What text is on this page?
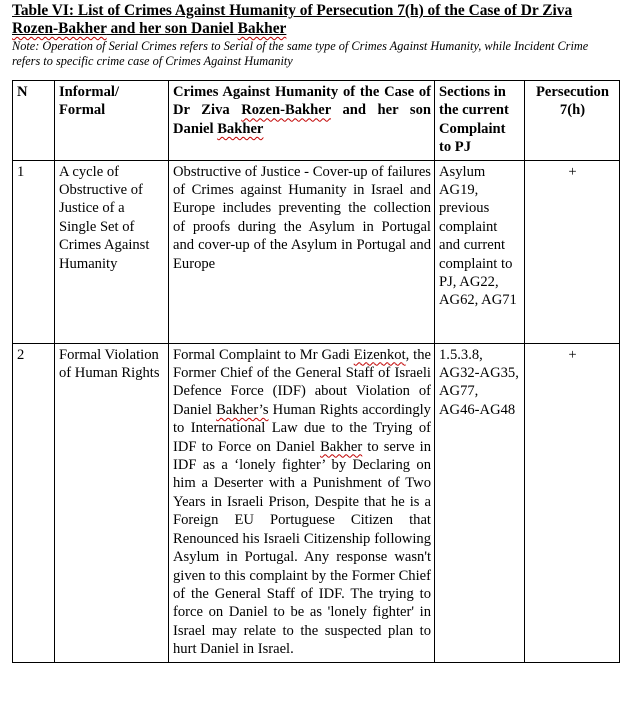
Table VI: List of Crimes Against Humanity of Persecution 7(h) of the Case of Dr Ziva Rozen-Bakher and her son Daniel Bakher

Note: Operation of Serial Crimes refers to Serial of the same type of Crimes Against Humanity, while Incident Crime refers to specific crime case of Crimes Against Humanity

N	Informal/ Formal	Crimes Against Humanity of the Case of Dr Ziva Rozen-Bakher and her son Daniel Bakher	Sections in the current Complaint to PJ	Persecution 7(h)
1	A cycle of Obstructive of Justice of a Single Set of Crimes Against Humanity	Obstructive of Justice - Cover-up of failures of Crimes against Humanity in Israel and Europe includes preventing the collection of proofs during the Asylum in Portugal and cover-up of the Asylum in Portugal and Europe	Asylum AG19, previous complaint and current complaint to PJ, AG22, AG62, AG71	+
2	Formal Violation of Human Rights	Formal Complaint to Mr Gadi Eizenkot, the Former Chief of the General Staff of Israeli Defence Force (IDF) about Violation of Daniel Bakher’s Human Rights accordingly to International Law due to the Trying of IDF to Force on Daniel Bakher to serve in IDF as a ‘lonely fighter’ by Declaring on him a Deserter with a Punishment of Two Years in Israeli Prison, Despite that he is a Foreign EU Portuguese Citizen that Renounced his Israeli Citizenship following Asylum in Portugal. Any response wasn't given to this complaint by the Former Chief of the General Staff of IDF. The trying to force on Daniel to be as 'lonely fighter' in Israel may relate to the suspected plan to hurt Daniel in Israel.	1.5.3.8, AG32-AG35, AG77, AG46-AG48	+
